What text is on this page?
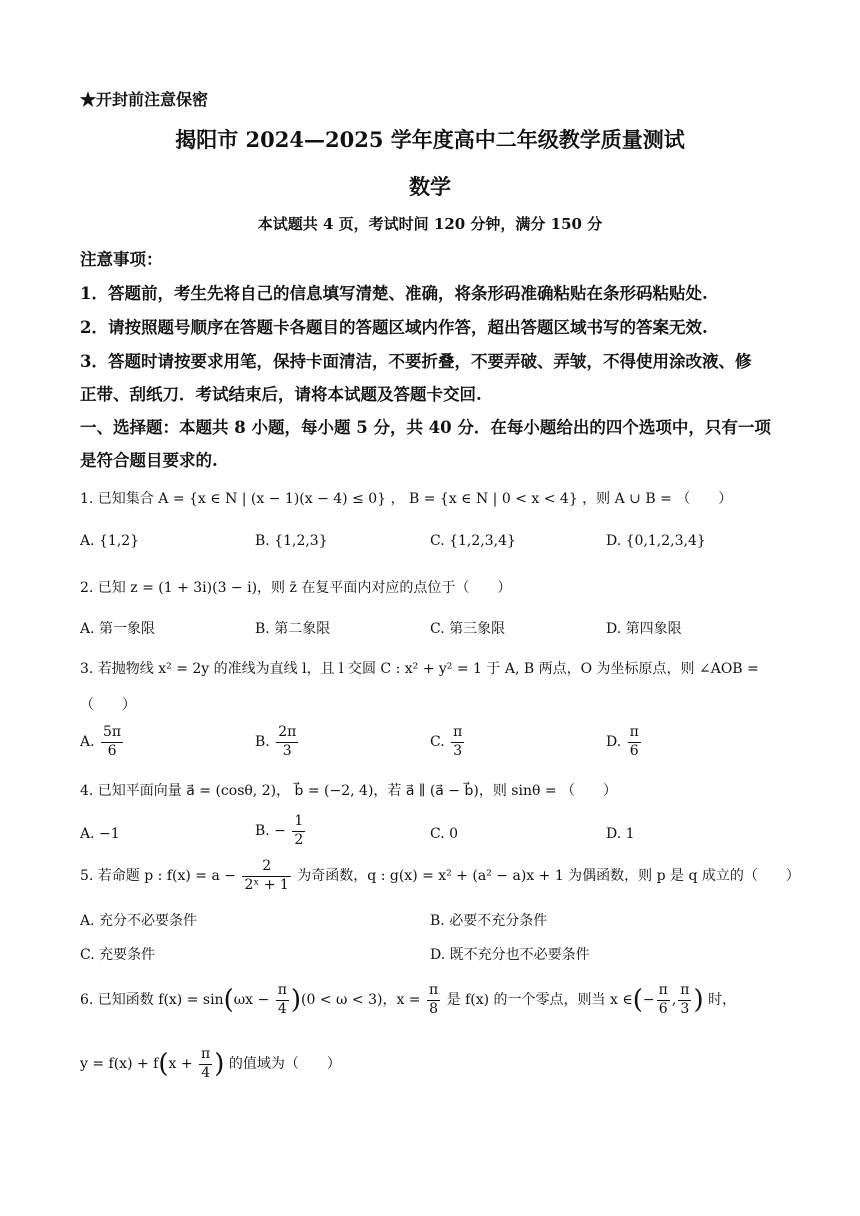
★开封前注意保密
揭阳市 2024—2025 学年度高中二年级教学质量测试
数学
本试题共 4 页，考试时间 120 分钟，满分 150 分
注意事项：
1．答题前，考生先将自己的信息填写清楚、准确，将条形码准确粘贴在条形码粘贴处.
2．请按照题号顺序在答题卡各题目的答题区域内作答，超出答题区域书写的答案无效.
3．答题时请按要求用笔，保持卡面清洁，不要折叠，不要弄破、弄皱，不得使用涂改液、修
正带、刮纸刀．考试结束后，请将本试题及答题卡交回.
一、选择题：本题共 8 小题，每小题 5 分，共 40 分．在每小题给出的四个选项中，只有一项
是符合题目要求的.
1. 已知集合 A = {x ∈ N | (x − 1)(x − 4) ≤ 0} ， B = {x ∈ N | 0 < x < 4} ，则 A ∪ B = （　　）
A. {1,2}	B. {1,2,3}	C. {1,2,3,4}	D. {0,1,2,3,4}
2. 已知 z = (1 + 3i)(3 − i)，则 z̄ 在复平面内对应的点位于（　　）
A. 第一象限	B. 第二象限	C. 第三象限	D. 第四象限
3. 若抛物线 x² = 2y 的准线为直线 l，且 l 交圆 C : x² + y² = 1 于 A, B 两点，O 为坐标原点，则 ∠AOB =
（　　）
A. $\frac{5\pi}{6}$	B. $\frac{2\pi}{3}$	C. $\frac{\pi}{3}$	D. $\frac{\pi}{6}$
4. 已知平面向量 a⃗ = (cosθ, 2)， b⃗ = (−2, 4)，若 a⃗ ∥ (a⃗ − b⃗)，则 sinθ = （　　）
A. −1	B. − $\frac{1}{2}$	C. 0	D. 1
5. 若命题 p : $f(x) = a - \frac{2}{\text{2ˣ + 1}}$ 为奇函数，q : g(x) = x² + (a² − a)x + 1 为偶函数，则 p 是 q 成立的（　　）
A. 充分不必要条件	B. 必要不充分条件
C. 充要条件	D. 既不充分也不必要条件
6. 已知函数 $f(x) = \sin(\omega x - \frac{\pi}{4} )(0 < \omega < 3)$，$x = \frac{\pi}{8}$ 是 f(x) 的一个零点，则当 x ∈(− $\frac{\pi}{6}$ , $\frac{\pi}{3}$ ) 时，
$y = f(x) + f(x + \frac{\pi}{4}$ ) 的值域为（　　）
